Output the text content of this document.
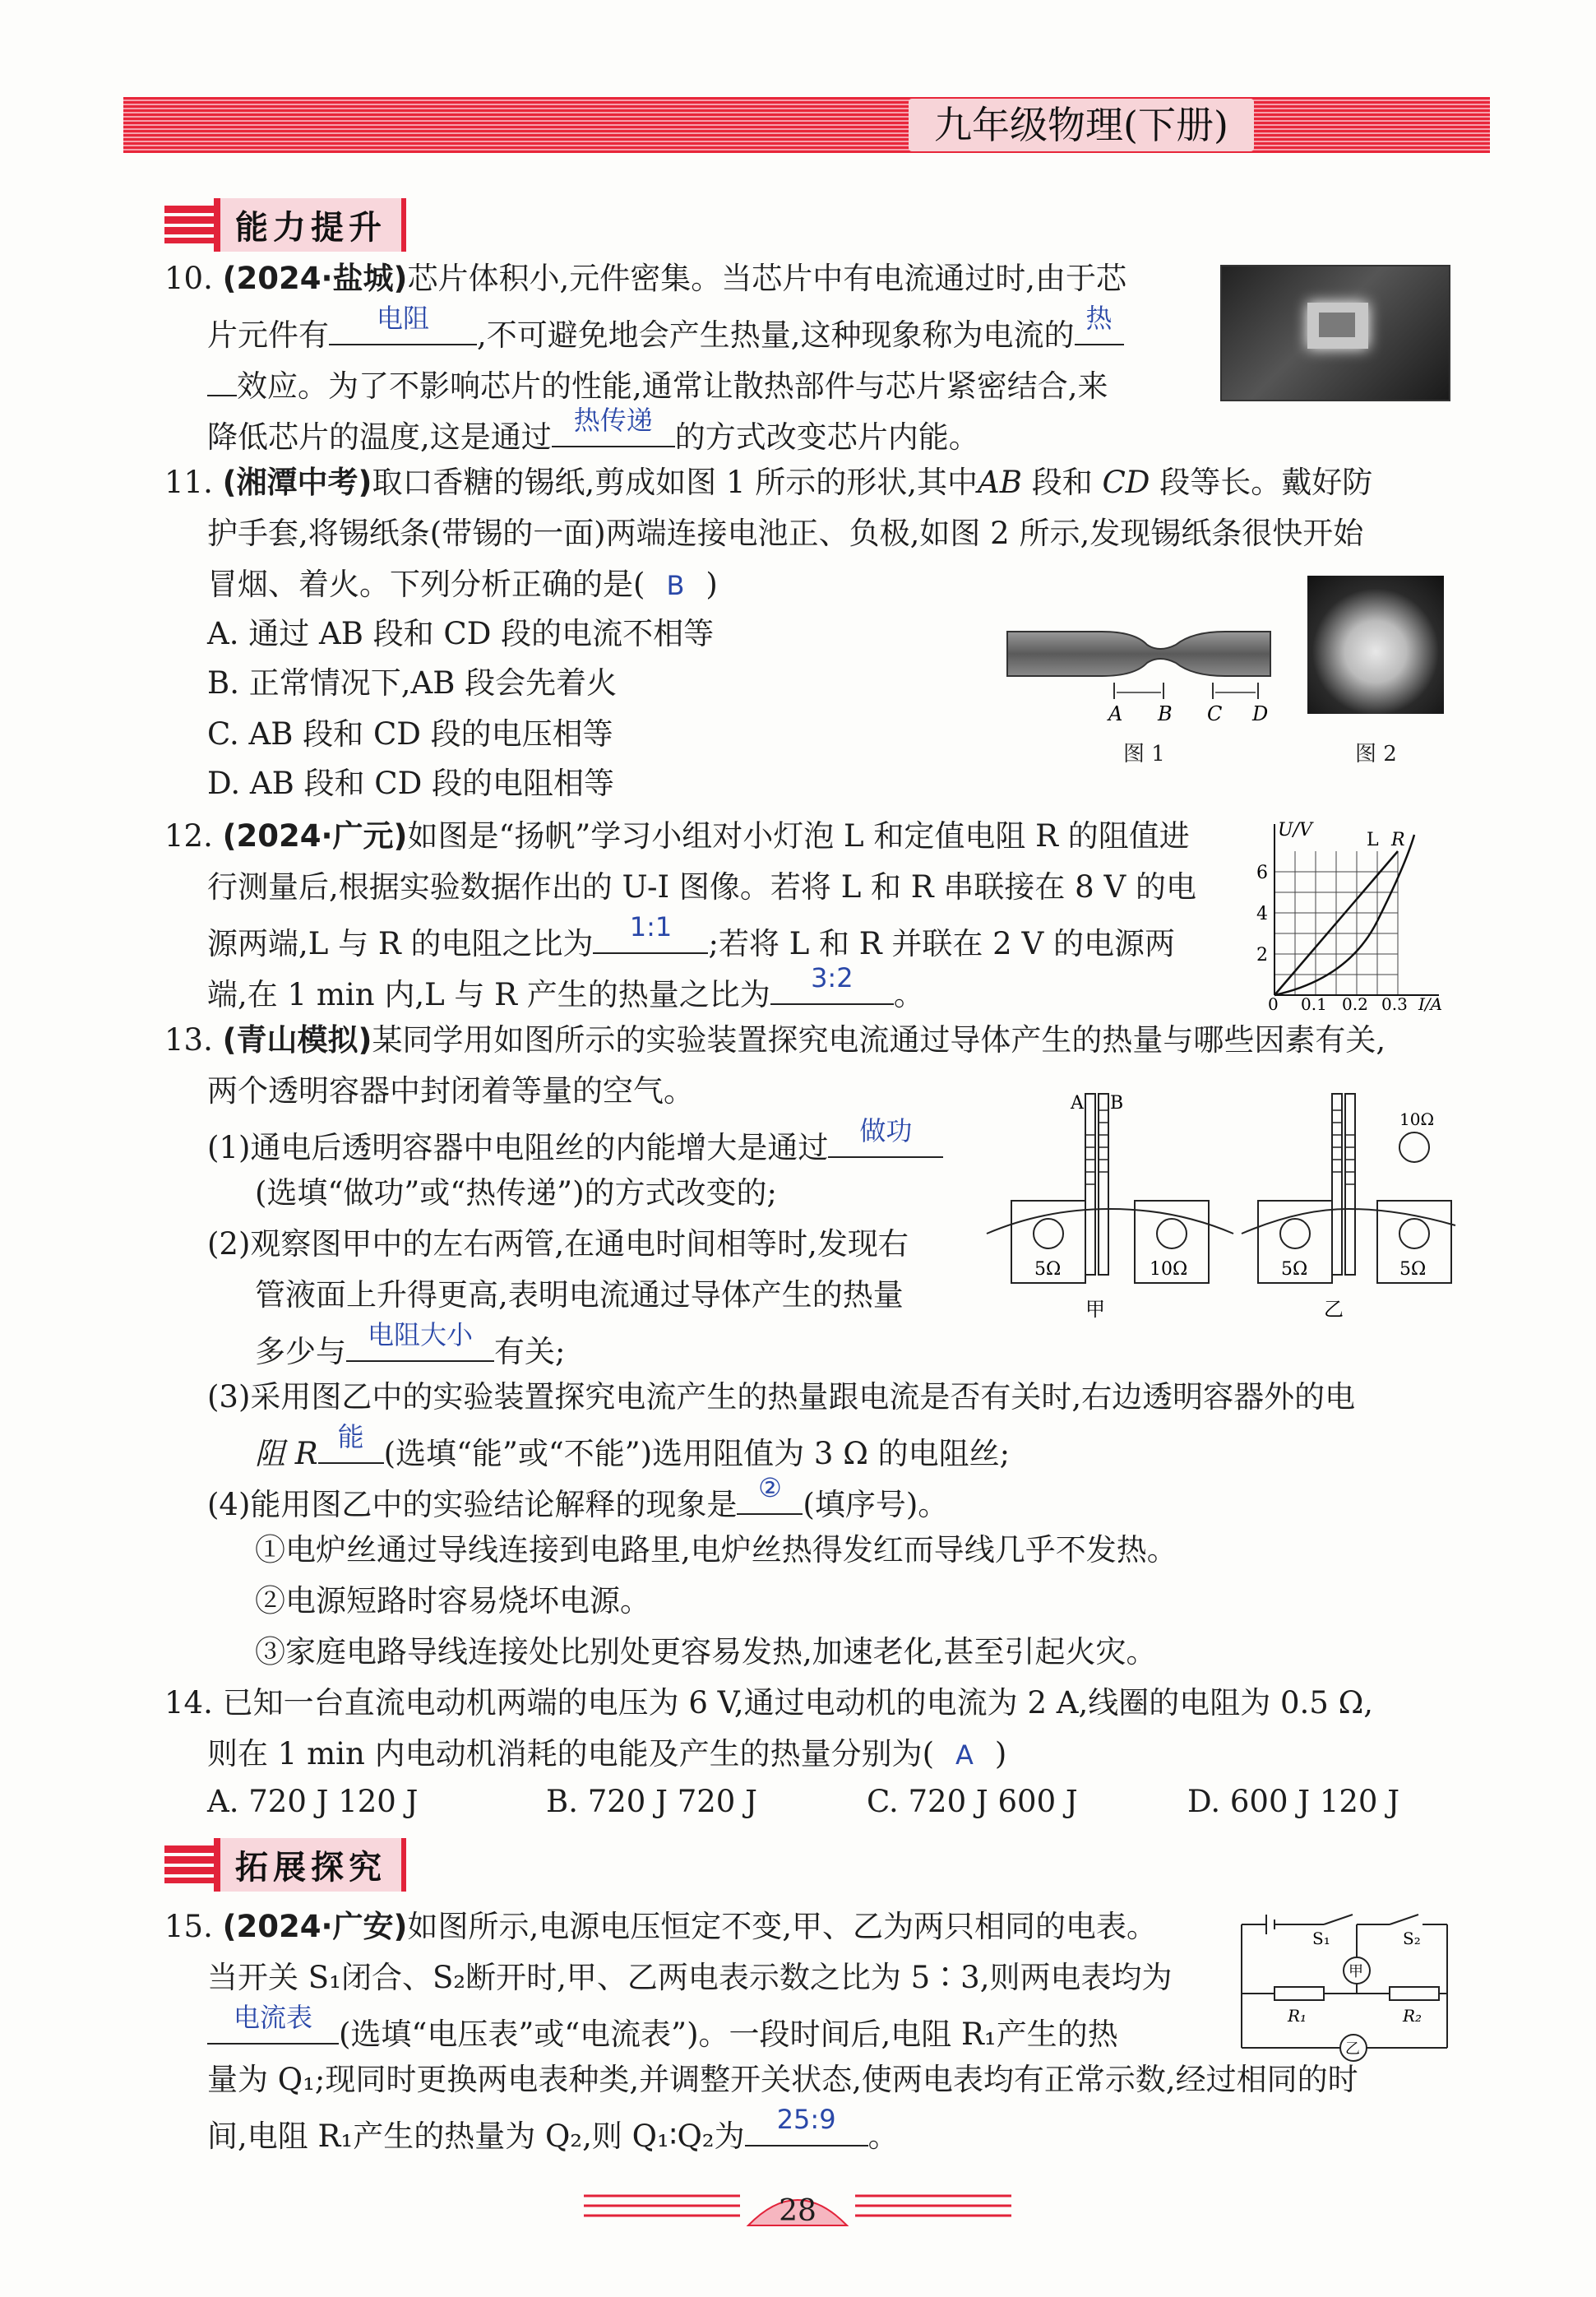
九年级物理(下册)
能力提升
10. (2024·盐城)芯片体积小,元件密集。当芯片中有电流通过时,由于芯
片元件有	电阻	,不可避免地会产生热量,这种现象称为电流的 热
效应。为了不影响芯片的性能,通常让散热部件与芯片紧密结合,来
降低芯片的温度,这是通过 热传递 的方式改变芯片内能。
11. (湘潭中考)取口香糖的锡纸,剪成如图 1 所示的形状,其中AB 段和 CD 段等长。戴好防
护手套,将锡纸条(带锡的一面)两端连接电池正、负极,如图 2 所示,发现锡纸条很快开始
冒烟、着火。下列分析正确的是( B )
A. 通过 AB 段和 CD 段的电流不相等
B. 正常情况下,AB 段会先着火
C. AB 段和 CD 段的电压相等
D. AB 段和 CD 段的电阻相等
A B C D
图 1	图 2
12. (2024·广元)如图是“扬帆”学习小组对小灯泡 L 和定值电阻 R 的阻值进
行测量后,根据实验数据作出的 U-I 图像。若将 L 和 R 串联接在 8 V 的电
源两端,L 与 R 的电阻之比为	1:1	;若将 L 和 R 并联在 2 V 的电源两
端,在 1 min 内,L 与 R 产生的热量之比为	3:2	。
U/V
2
4
6
0 0.1 0.2 0.3 I/A
L R
13. (青山模拟)某同学用如图所示的实验装置探究电流通过导体产生的热量与哪些因素有关,
两个透明容器中封闭着等量的空气。
(1)通电后透明容器中电阻丝的内能增大是通过	做功
(选填“做功”或“热传递”)的方式改变的;
(2)观察图甲中的左右两管,在通电时间相等时,发现右
管液面上升得更高,表明电流通过导体产生的热量
多少与 电阻大小 有关;
(3)采用图乙中的实验装置探究电流产生的热量跟电流是否有关时,右边透明容器外的电
阻 R 能 (选填“能”或“不能”)选用阻值为 3 Ω 的电阻丝;
(4)能用图乙中的实验结论解释的现象是 ② (填序号)。
①电炉丝通过导线连接到电路里,电炉丝热得发红而导线几乎不发热。
②电源短路时容易烧坏电源。
③家庭电路导线连接处比别处更容易发热,加速老化,甚至引起火灾。
5Ω	10Ω
A B
甲
5Ω	5Ω
10Ω
乙
14. 已知一台直流电动机两端的电压为 6 V,通过电动机的电流为 2 A,线圈的电阻为 0.5 Ω,
则在 1 min 内电动机消耗的电能及产生的热量分别为( A )
A. 720 J 120 J	B. 720 J 720 J	C. 720 J 600 J	D. 600 J 120 J
拓展探究
15. (2024·广安)如图所示,电源电压恒定不变,甲、乙为两只相同的电表。
当开关 S₁闭合、S₂断开时,甲、乙两电表示数之比为 5∶3,则两电表均为
电流表 (选填“电压表”或“电流表”)。一段时间后,电阻 R₁产生的热
量为 Q₁;现同时更换两电表种类,并调整开关状态,使两电表均有正常示数,经过相同的时
间,电阻 R₁产生的热量为 Q₂,则 Q₁∶Q₂为	25:9	。
S₁	S₂
甲
乙
R₁	R₂
28
